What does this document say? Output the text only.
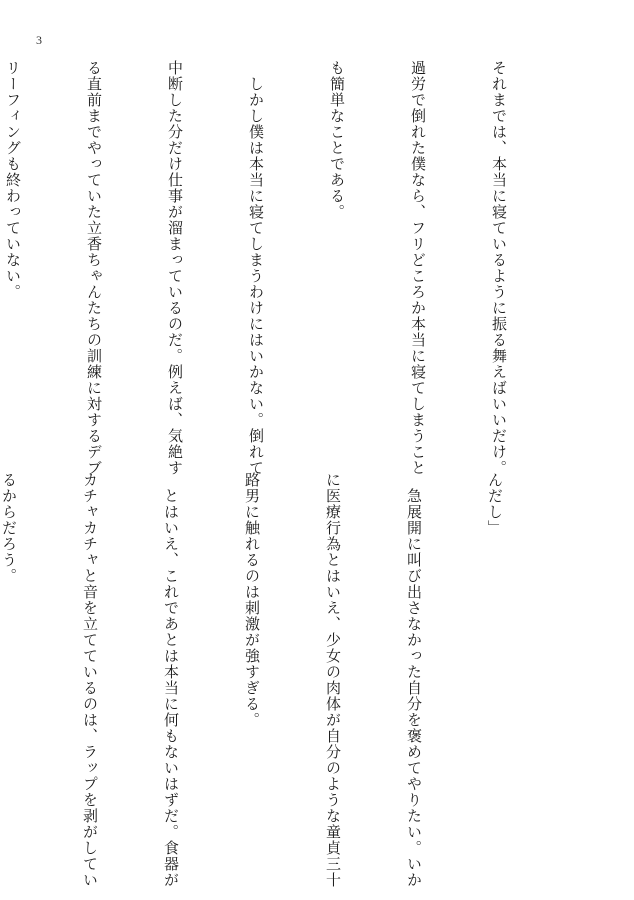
3

それまでは、本当に寝ているように振る舞えばいいだけ。

過労で倒れた僕なら、フリどころか本当に寝てしまうこと

も簡単なことである。

　しかし僕は本当に寝てしまうわけにはいかない。倒れて

中断した分だけ仕事が溜まっているのだ。例えば、気絶す

る直前までやっていた立香ちゃんたちの訓練に対するデブ

リーフィングも終わっていない。

んだし」

　急展開に叫び出さなかった自分を褒めてやりたい。いか

に医療行為とはいえ、少女の肉体が自分のような童貞三十

路男に触れるのは刺激が強すぎる。

　とはいえ、これであとは本当に何もないはずだ。食器が

カチャカチャと音を立てているのは、ラップを剥がしてい

るからだろう。
